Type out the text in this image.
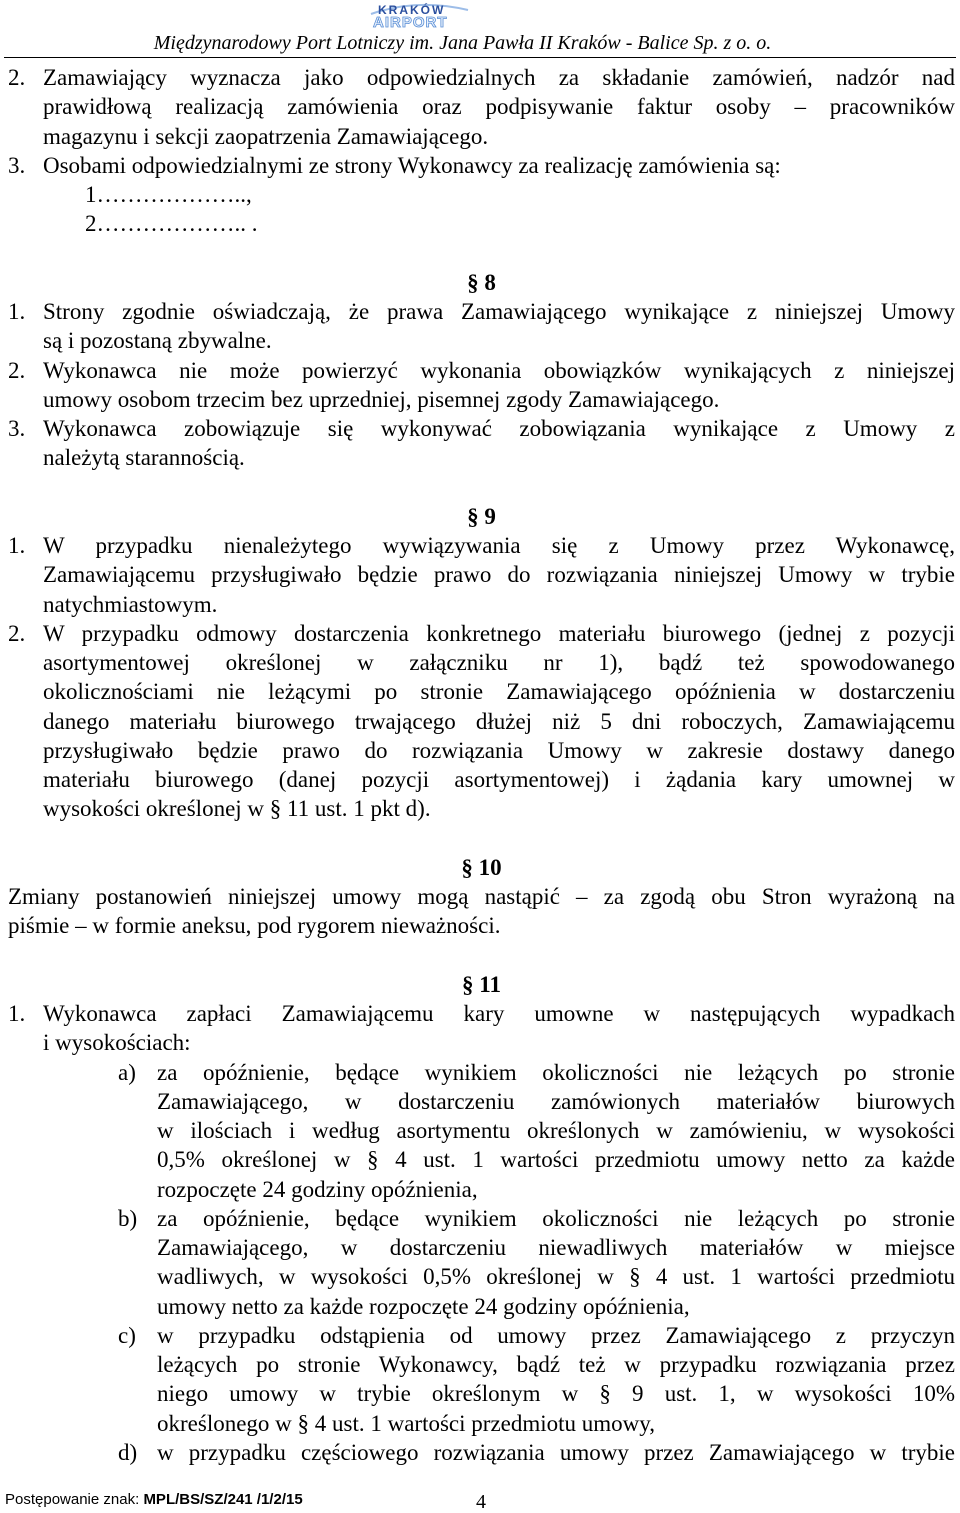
KRAKÓW
AIRPORT
Międzynarodowy Port Lotniczy im. Jana Pawła II Kraków - Balice Sp. z o. o.
2. Zamawiający wyznacza jako odpowiedzialnych za składanie zamówień, nadzór nad
prawidłową realizacją zamówienia oraz podpisywanie faktur osoby – pracowników
magazynu i sekcji zaopatrzenia Zamawiającego.
3. Osobami odpowiedzialnymi ze strony Wykonawcy za realizację zamówienia są:
1………………..,
2……………….. .
§ 8
1. Strony zgodnie oświadczają, że prawa Zamawiającego wynikające z niniejszej Umowy
są i pozostaną zbywalne.
2. Wykonawca nie może powierzyć wykonania obowiązków wynikających z niniejszej
umowy osobom trzecim bez uprzedniej, pisemnej zgody Zamawiającego.
3. Wykonawca zobowiązuje się wykonywać zobowiązania wynikające z Umowy z
należytą starannością.
§ 9
1. W przypadku nienależytego wywiązywania się z Umowy przez Wykonawcę,
Zamawiającemu przysługiwało będzie prawo do rozwiązania niniejszej Umowy w trybie
natychmiastowym.
2. W przypadku odmowy dostarczenia konkretnego materiału biurowego (jednej z pozycji
asortymentowej określonej w załączniku nr 1), bądź też spowodowanego
okolicznościami nie leżącymi po stronie Zamawiającego opóźnienia w dostarczeniu
danego materiału biurowego trwającego dłużej niż 5 dni roboczych, Zamawiającemu
przysługiwało będzie prawo do rozwiązania Umowy w zakresie dostawy danego
materiału biurowego (danej pozycji asortymentowej) i żądania kary umownej w
wysokości określonej w § 11 ust. 1 pkt d).
§ 10
Zmiany postanowień niniejszej umowy mogą nastąpić – za zgodą obu Stron wyrażoną na
piśmie – w formie aneksu, pod rygorem nieważności.
§ 11
1. Wykonawca zapłaci Zamawiającemu kary umowne w następujących wypadkach
i wysokościach:
a) za opóźnienie, będące wynikiem okoliczności nie leżących po stronie
Zamawiającego, w dostarczeniu zamówionych materiałów biurowych
w ilościach i według asortymentu określonych w zamówieniu, w wysokości
0,5% określonej w § 4 ust. 1 wartości przedmiotu umowy netto za każde
rozpoczęte 24 godziny opóźnienia,
b) za opóźnienie, będące wynikiem okoliczności nie leżących po stronie
Zamawiającego, w dostarczeniu niewadliwych materiałów w miejsce
wadliwych, w wysokości 0,5% określonej w § 4 ust. 1 wartości przedmiotu
umowy netto za każde rozpoczęte 24 godziny opóźnienia,
c) w przypadku odstąpienia od umowy przez Zamawiającego z przyczyn
leżących po stronie Wykonawcy, bądź też w przypadku rozwiązania przez
niego umowy w trybie określonym w § 9 ust. 1, w wysokości 10%
określonego w § 4 ust. 1 wartości przedmiotu umowy,
d) w przypadku częściowego rozwiązania umowy przez Zamawiającego w trybie
Postępowanie znak: MPL/BS/SZ/241 /1/2/15	4
